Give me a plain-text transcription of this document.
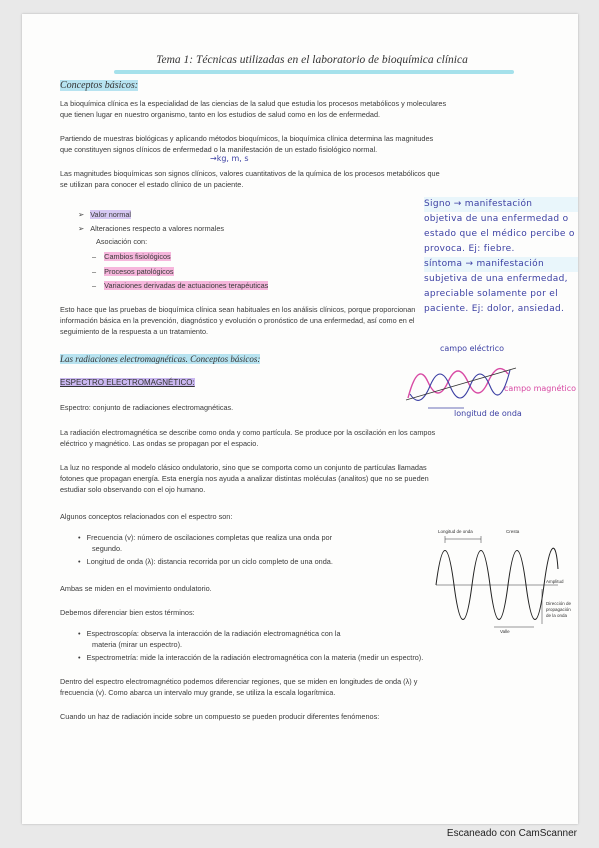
Tema 1: Técnicas utilizadas en el laboratorio de bioquímica clínica
Conceptos básicos:

La bioquímica clínica es la especialidad de las ciencias de la salud que estudia los procesos metabólicos y moleculares

que tienen lugar en nuestro organismo, tanto en los estudios de salud como en los de enfermedad.

Partiendo de muestras biológicas y aplicando métodos bioquímicos, la bioquímica clínica determina las magnitudes

que constituyen signos clínicos de enfermedad o la manifestación de un estado fisiológico normal.

→kg, m, s

Las magnitudes bioquímicas son signos clínicos, valores cuantitativos de la química de los procesos metabólicos que

se utilizan para conocer el estado clínico de un paciente.

➢   Valor normal

➢   Alteraciones respecto a valores normales

Asociación con:

–    Cambios fisiológicos

–    Procesos patológicos

–    Variaciones derivadas de actuaciones terapéuticas

Signo → manifestación
objetiva de una enfermedad o
estado que el médico percibe o
provoca. Ej: fiebre.
síntoma → manifestación
subjetiva de una enfermedad,
apreciable solamente por el
paciente. Ej: dolor, ansiedad.

Esto hace que las pruebas de bioquímica clínica sean habituales en los análisis clínicos, porque proporcionan

información básica en la prevención, diagnóstico y evolución o pronóstico de una enfermedad, así como en el

seguimiento de la respuesta a un tratamiento.

Las radiaciones electromagnéticas. Conceptos básicos:
campo eléctrico
campo magnético
longitud de onda
ESPECTRO ELECTROMAGNÉTICO:

Espectro: conjunto de radiaciones electromagnéticas.

La radiación electromagnética se describe como onda y como partícula. Se produce por la oscilación en los campos

eléctrico y magnético. Las ondas se propagan por el espacio.

La luz no responde al modelo clásico ondulatorio, sino que se comporta como un conjunto de partículas llamadas

fotones que propagan energía. Esta energía nos ayuda a analizar distintas moléculas (analitos) que no se pueden

estudiar solo observando con el ojo humano.

Algunos conceptos relacionados con el espectro son:

•   Frecuencia (v): número de oscilaciones completas que realiza una onda por

segundo.

•   Longitud de onda (λ): distancia recorrida por un ciclo completo de una onda.

Ambas se miden en el movimiento ondulatorio.

Debemos diferenciar bien estos términos:

•   Espectroscopía: observa la interacción de la radiación electromagnética con la

materia (mirar un espectro).

•   Espectrometría: mide la interacción de la radiación electromagnética con la materia (medir un espectro).

Dentro del espectro electromagnético podemos diferenciar regiones, que se miden en longitudes de onda (λ) y

frecuencia (v). Como abarca un intervalo muy grande, se utiliza la escala logarítmica.

Cuando un haz de radiación incide sobre un compuesto se pueden producir diferentes fenómenos:

Longitud de onda	Cresta
Amplitud
Dirección de propagación de la onda
Valle
Escaneado con CamScanner
